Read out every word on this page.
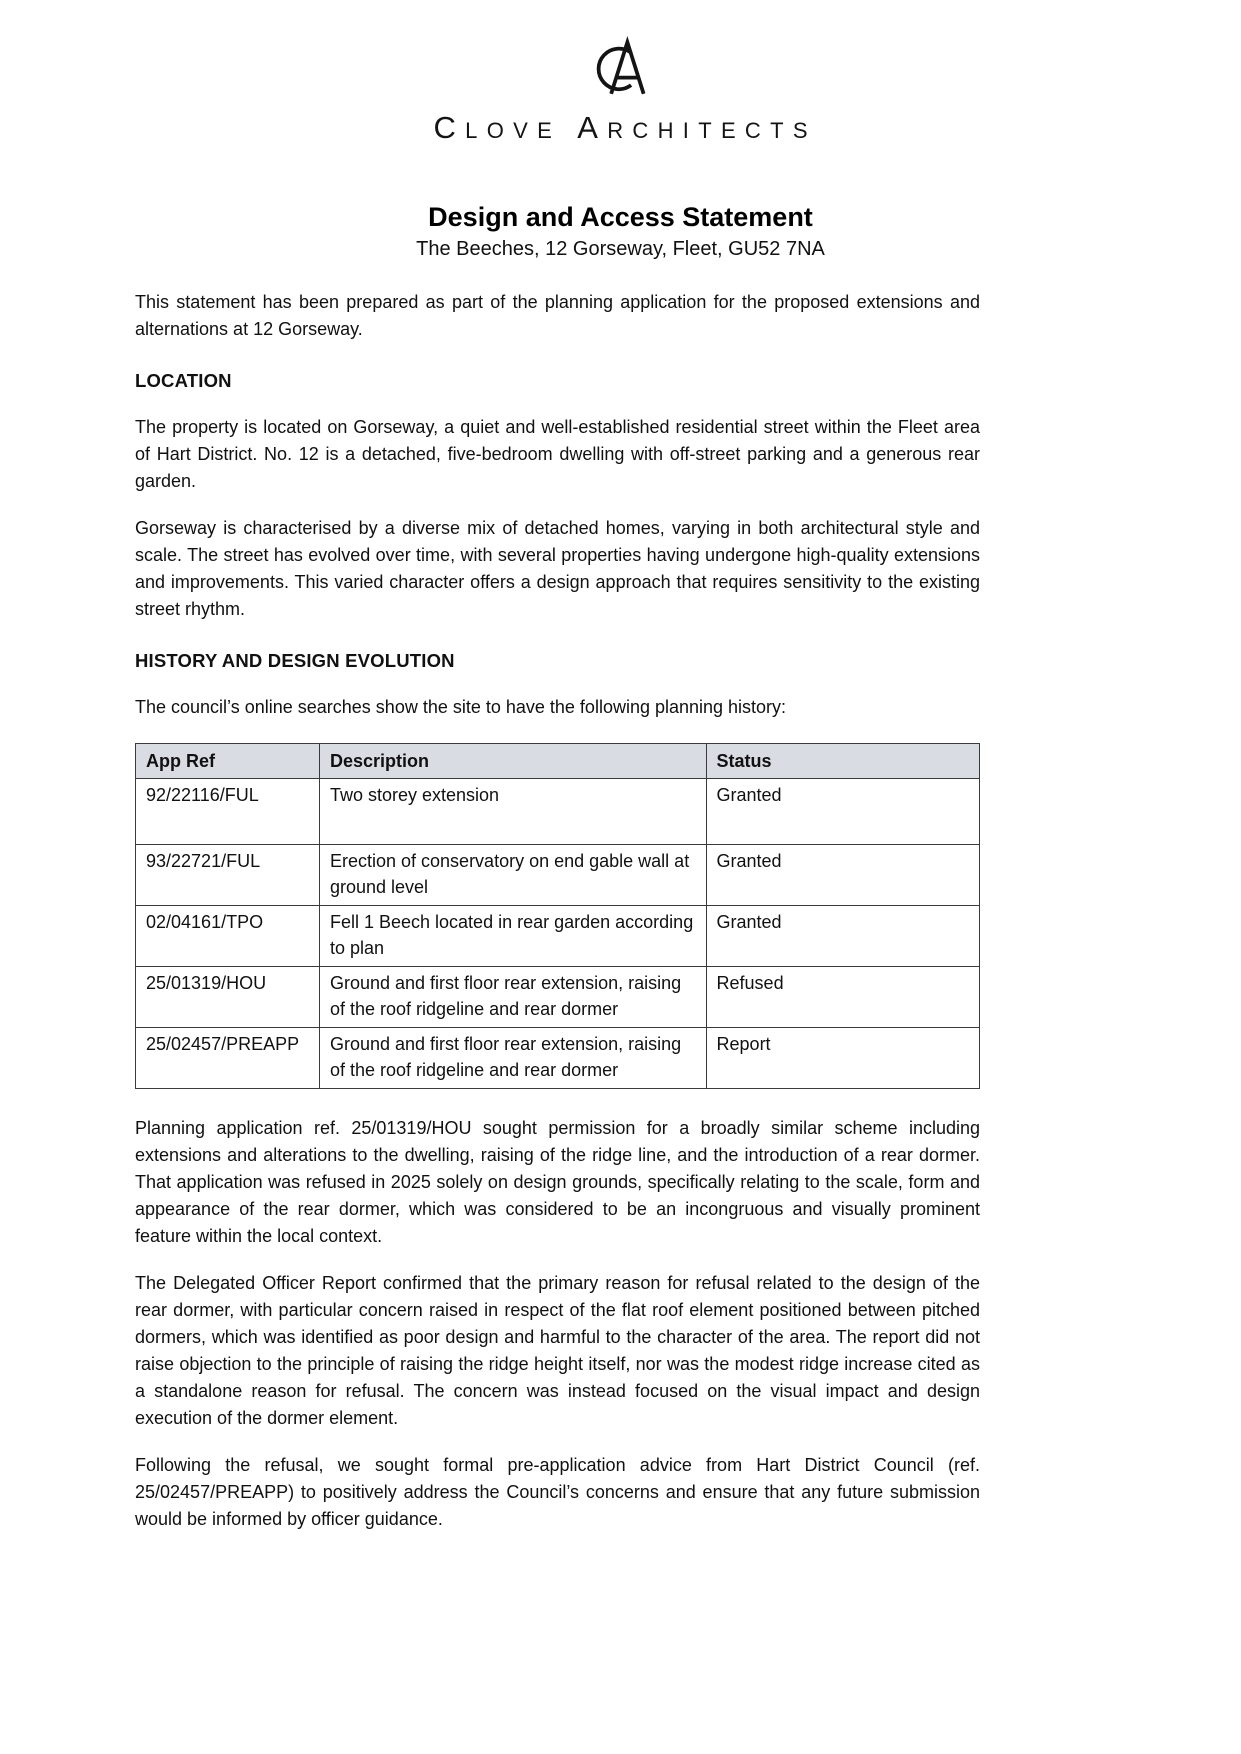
Clove Architects
Design and Access Statement
The Beeches, 12 Gorseway, Fleet, GU52 7NA

This statement has been prepared as part of the planning application for the proposed extensions and alternations at 12 Gorseway.

LOCATION

The property is located on Gorseway, a quiet and well-established residential street within the Fleet area of Hart District. No. 12 is a detached, five-bedroom dwelling with off-street parking and a generous rear garden.

Gorseway is characterised by a diverse mix of detached homes, varying in both architectural style and scale. The street has evolved over time, with several properties having undergone high-quality extensions and improvements. This varied character offers a design approach that requires sensitivity to the existing street rhythm.

HISTORY AND DESIGN EVOLUTION

The council’s online searches show the site to have the following planning history:

App Ref	Description	Status
92/22116/FUL	Two storey extension	Granted
93/22721/FUL	Erection of conservatory on end gable wall at ground level	Granted
02/04161/TPO	Fell 1 Beech located in rear garden according to plan	Granted
25/01319/HOU	Ground and first floor rear extension, raising of the roof ridgeline and rear dormer	Refused
25/02457/PREAPP	Ground and first floor rear extension, raising of the roof ridgeline and rear dormer	Report

Planning application ref. 25/01319/HOU sought permission for a broadly similar scheme including extensions and alterations to the dwelling, raising of the ridge line, and the introduction of a rear dormer. That application was refused in 2025 solely on design grounds, specifically relating to the scale, form and appearance of the rear dormer, which was considered to be an incongruous and visually prominent feature within the local context.

The Delegated Officer Report confirmed that the primary reason for refusal related to the design of the rear dormer, with particular concern raised in respect of the flat roof element positioned between pitched dormers, which was identified as poor design and harmful to the character of the area. The report did not raise objection to the principle of raising the ridge height itself, nor was the modest ridge increase cited as a standalone reason for refusal. The concern was instead focused on the visual impact and design execution of the dormer element.

Following the refusal, we sought formal pre-application advice from Hart District Council (ref. 25/02457/PREAPP) to positively address the Council’s concerns and ensure that any future submission would be informed by officer guidance.
